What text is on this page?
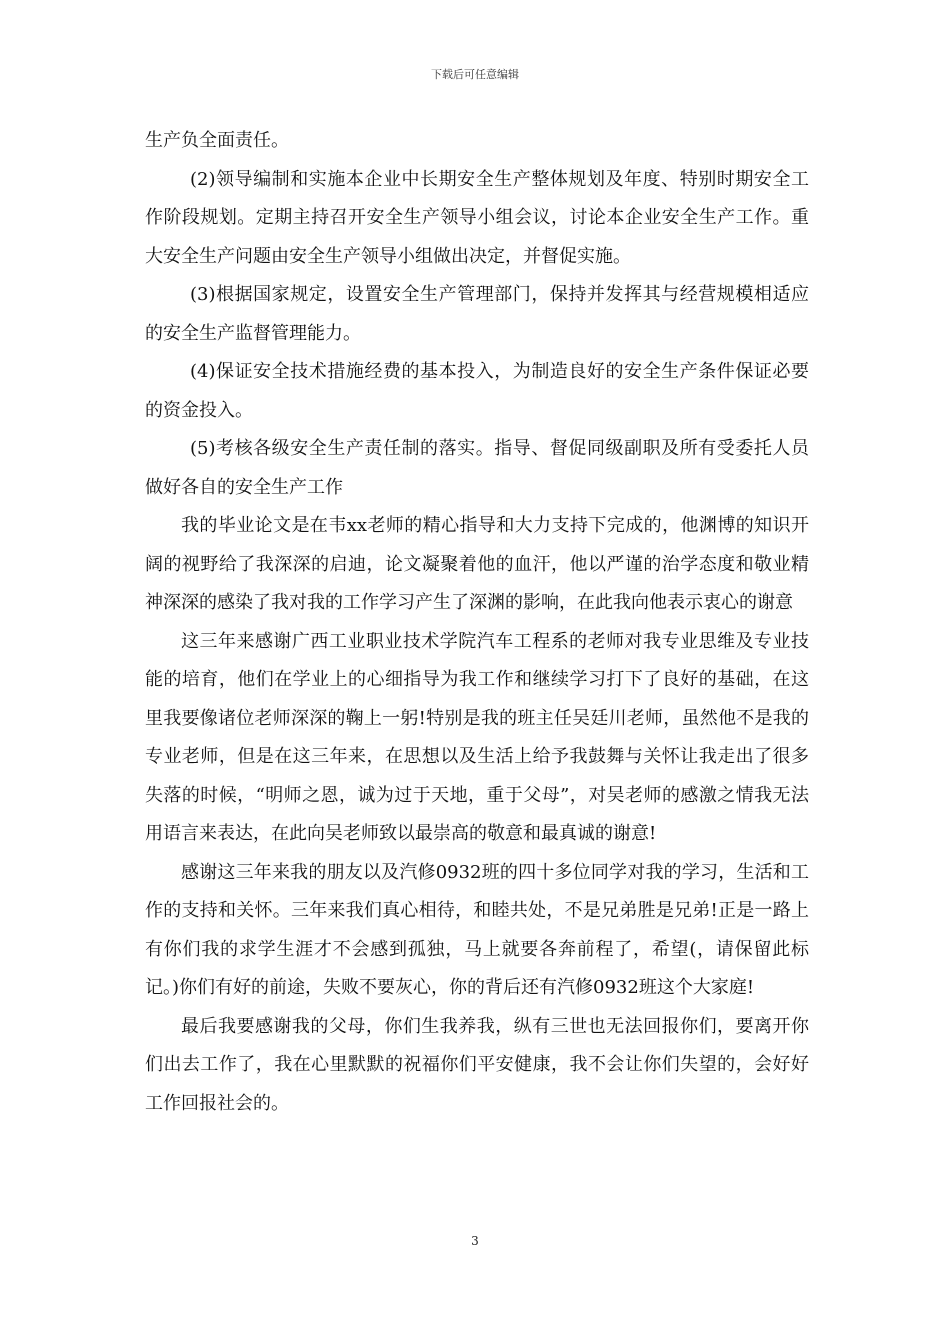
下载后可任意编辑

生产负全面责任。

(2)领导编制和实施本企业中长期安全生产整体规划及年度、特别时期安全工作阶段规划。定期主持召开安全生产领导小组会议，讨论本企业安全生产工作。重大安全生产问题由安全生产领导小组做出决定，并督促实施。

(3)根据国家规定，设置安全生产管理部门，保持并发挥其与经营规模相适应的安全生产监督管理能力。

(4)保证安全技术措施经费的基本投入，为制造良好的安全生产条件保证必要的资金投入。

(5)考核各级安全生产责任制的落实。指导、督促同级副职及所有受委托人员做好各自的安全生产工作

我的毕业论文是在韦xx老师的精心指导和大力支持下完成的，他渊博的知识开阔的视野给了我深深的启迪，论文凝聚着他的血汗，他以严谨的治学态度和敬业精神深深的感染了我对我的工作学习产生了深渊的影响，在此我向他表示衷心的谢意

这三年来感谢广西工业职业技术学院汽车工程系的老师对我专业思维及专业技能的培育，他们在学业上的心细指导为我工作和继续学习打下了良好的基础，在这里我要像诸位老师深深的鞠上一躬!特别是我的班主任吴廷川老师，虽然他不是我的专业老师，但是在这三年来，在思想以及生活上给予我鼓舞与关怀让我走出了很多失落的时候，“明师之恩，诚为过于天地，重于父母”，对吴老师的感激之情我无法用语言来表达，在此向吴老师致以最崇高的敬意和最真诚的谢意!

感谢这三年来我的朋友以及汽修0932班的四十多位同学对我的学习，生活和工作的支持和关怀。三年来我们真心相待，和睦共处，不是兄弟胜是兄弟!正是一路上有你们我的求学生涯才不会感到孤独，马上就要各奔前程了，希望(，请保留此标记。)你们有好的前途，失败不要灰心，你的背后还有汽修0932班这个大家庭!

最后我要感谢我的父母，你们生我养我，纵有三世也无法回报你们，要离开你们出去工作了，我在心里默默的祝福你们平安健康，我不会让你们失望的，会好好工作回报社会的。

3
